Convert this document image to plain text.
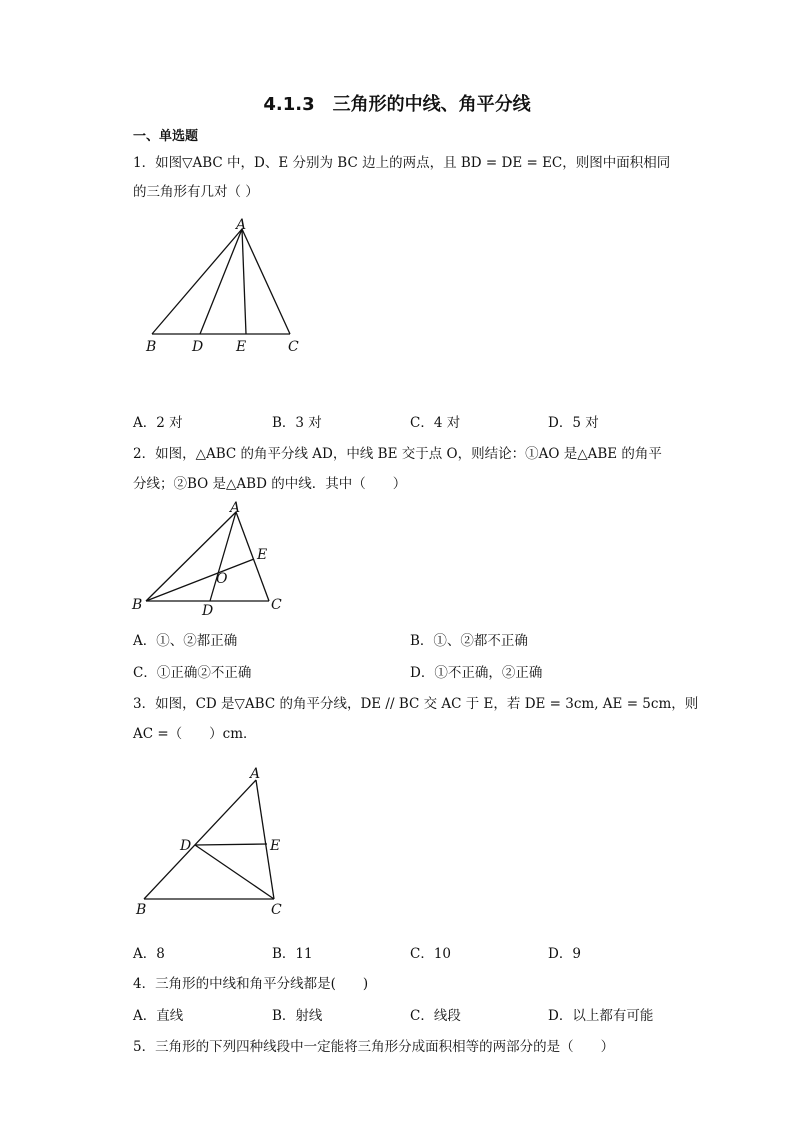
4.1.3　三角形的中线、角平分线
一、单选题
1．如图▽ABC 中，D、E 分别为 BC 边上的两点，且 BD = DE = EC，则图中面积相同
的三角形有几对（ ）
A
B	D E	C
A．2 对	B．3 对	C．4 对	D．5 对
2．如图，△ABC 的角平分线 AD，中线 BE 交于点 O，则结论：①AO 是△ABE 的角平
分线；②BO 是△ABD 的中线．其中（　　）
A
B	C
D
E
O
A．①、②都正确	B．①、②都不正确
C．①正确②不正确	D．①不正确，②正确
3．如图，CD 是▽ABC 的角平分线，DE // BC 交 AC 于 E，若 DE = 3cm, AE = 5cm，则
AC =（　　）cm．
A
B	C
D	E
A．8	B．11	C．10	D．9
4．三角形的中线和角平分线都是(　　)
A．直线	B．射线	C．线段	D．以上都有可能
5．三角形的下列四种线段中一定能将三角形分成面积相等的两部分的是（　　）
